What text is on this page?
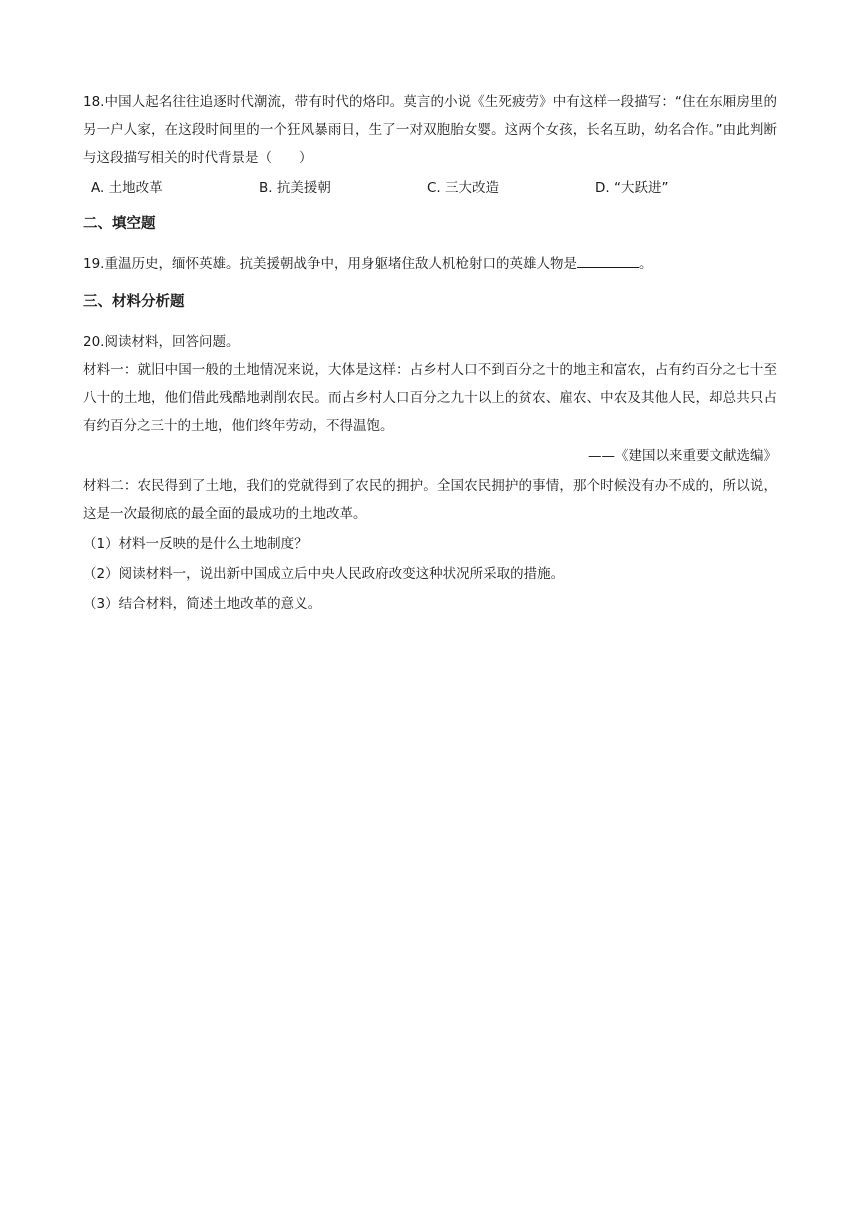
18.中国人起名往往追逐时代潮流，带有时代的烙印。莫言的小说《生死疲劳》中有这样一段描写：“住在东厢房里的另一户人家，在这段时间里的一个狂风暴雨日，生了一对双胞胎女婴。这两个女孩，长名互助，幼名合作。”由此判断与这段描写相关的时代背景是（　　）

A. 土地改革	B. 抗美援朝	C. 三大改造	D. “大跃进”
二、填空题

19.重温历史，缅怀英雄。抗美援朝战争中，用身躯堵住敌人机枪射口的英雄人物是	。

三、材料分析题

20.阅读材料，回答问题。

材料一：就旧中国一般的土地情况来说，大体是这样：占乡村人口不到百分之十的地主和富农，占有约百分之七十至八十的土地，他们借此残酷地剥削农民。而占乡村人口百分之九十以上的贫农、雇农、中农及其他人民，却总共只占有约百分之三十的土地，他们终年劳动，不得温饱。

——《建国以来重要文献选编》

材料二：农民得到了土地，我们的党就得到了农民的拥护。全国农民拥护的事情，那个时候没有办不成的，所以说，这是一次最彻底的最全面的最成功的土地改革。

（1）材料一反映的是什么土地制度？

（2）阅读材料一，说出新中国成立后中央人民政府改变这种状况所采取的措施。

（3）结合材料，简述土地改革的意义。
